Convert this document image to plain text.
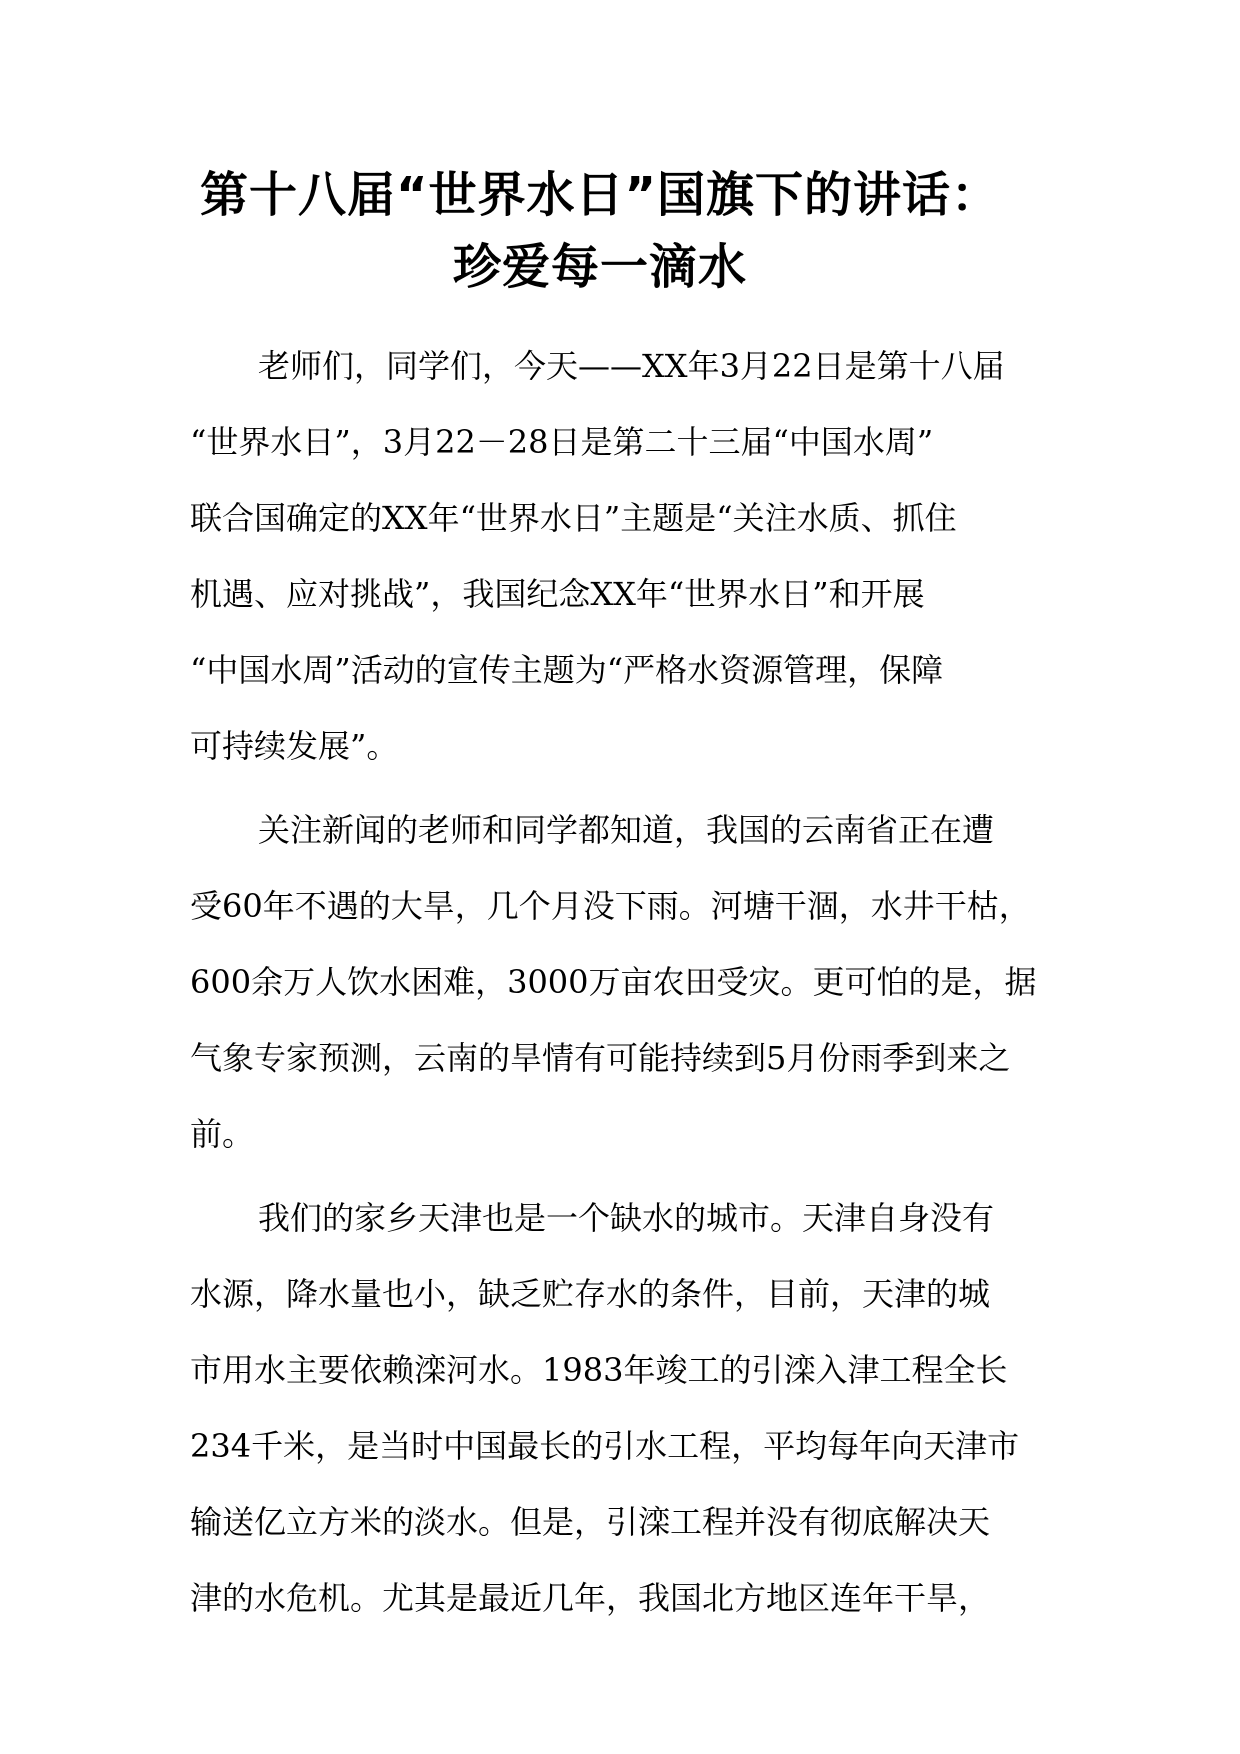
第十八届“世界水日”国旗下的讲话：
珍爱每一滴水
老师们，同学们，今天——XX年3月22日是第十八届
“世界水日”，3月22－28日是第二十三届“中国水周”
联合国确定的XX年“世界水日”主题是“关注水质、抓住
机遇、应对挑战”，我国纪念XX年“世界水日”和开展
“中国水周”活动的宣传主题为“严格水资源管理，保障
可持续发展”。
关注新闻的老师和同学都知道，我国的云南省正在遭
受60年不遇的大旱，几个月没下雨。河塘干涸，水井干枯，
600余万人饮水困难，3000万亩农田受灾。更可怕的是，据
气象专家预测，云南的旱情有可能持续到5月份雨季到来之
前。
我们的家乡天津也是一个缺水的城市。天津自身没有
水源，降水量也小，缺乏贮存水的条件，目前，天津的城
市用水主要依赖滦河水。1983年竣工的引滦入津工程全长
234千米，是当时中国最长的引水工程，平均每年向天津市
输送亿立方米的淡水。但是，引滦工程并没有彻底解决天
津的水危机。尤其是最近几年，我国北方地区连年干旱，
